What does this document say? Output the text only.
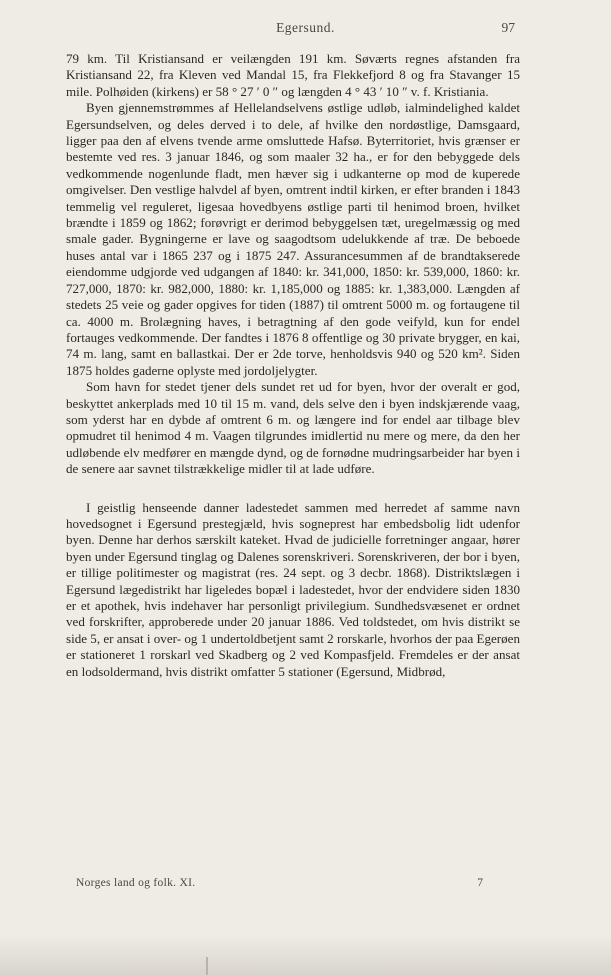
Egersund.	97

79 km. Til Kristiansand er veilængden 191 km. Søværts regnes afstanden fra Kristiansand 22, fra Kleven ved Mandal 15, fra Flekkefjord 8 og fra Stavanger 15 mile. Polhøiden (kirkens) er 58 ° 27 ′ 0 ″ og længden 4 ° 43 ′ 10 ″ v. f. Kristiania.

Byen gjennemstrømmes af Hellelandselvens østlige udløb, ialmindelighed kaldet Egersundselven, og deles derved i to dele, af hvilke den nordøstlige, Damsgaard, ligger paa den af elvens tvende arme omsluttede Hafsø. Byterritoriet, hvis grænser er bestemte ved res. 3 januar 1846, og som maaler 32 ha., er for den bebyggede dels vedkommende nogenlunde fladt, men hæver sig i udkanterne op mod de kuperede omgivelser. Den vestlige halvdel af byen, omtrent indtil kirken, er efter branden i 1843 temmelig vel reguleret, ligesaa hovedbyens østlige parti til henimod broen, hvilket brændte i 1859 og 1862; forøvrigt er derimod bebyggelsen tæt, uregelmæssig og med smale gader. Bygningerne er lave og saagodtsom udelukkende af træ. De beboede huses antal var i 1865 237 og i 1875 247. Assurancesummen af de brandtakserede eiendomme udgjorde ved udgangen af 1840: kr. 341,000, 1850: kr. 539,000, 1860: kr. 727,000, 1870: kr. 982,000, 1880: kr. 1,185,000 og 1885: kr. 1,383,000. Længden af stedets 25 veie og gader opgives for tiden (1887) til omtrent 5000 m. og fortaugene til ca. 4000 m. Brolægning haves, i betragtning af den gode veifyld, kun for endel fortauges vedkommende. Der fandtes i 1876 8 offentlige og 30 private brygger, en kai, 74 m. lang, samt en ballastkai. Der er 2de torve, henholdsvis 940 og 520 km². Siden 1875 holdes gaderne oplyste med jordoljelygter.

Som havn for stedet tjener dels sundet ret ud for byen, hvor der overalt er god, beskyttet ankerplads med 10 til 15 m. vand, dels selve den i byen indskjærende vaag, som yderst har en dybde af omtrent 6 m. og længere ind for endel aar tilbage blev opmudret til henimod 4 m. Vaagen tilgrundes imidlertid nu mere og mere, da den her udløbende elv medfører en mængde dynd, og de fornødne mudringsarbeider har byen i de senere aar savnet tilstrækkelige midler til at lade udføre.

I geistlig henseende danner ladestedet sammen med herredet af samme navn hovedsognet i Egersund prestegjæld, hvis sogneprest har embedsbolig lidt udenfor byen. Denne har derhos særskilt kateket. Hvad de judicielle forretninger angaar, hører byen under Egersund tinglag og Dalenes sorenskriveri. Sorenskriveren, der bor i byen, er tillige politimester og magistrat (res. 24 sept. og 3 decbr. 1868). Distriktslægen i Egersund lægedistrikt har ligeledes bopæl i ladestedet, hvor der endvidere siden 1830 er et apothek, hvis indehaver har personligt privilegium. Sundhedsvæsenet er ordnet ved forskrifter, approberede under 20 januar 1886. Ved toldstedet, om hvis distrikt se side 5, er ansat i over- og 1 undertoldbetjent samt 2 rorskarle, hvorhos der paa Egerøen er stationeret 1 rorskarl ved Skadberg og 2 ved Kompasfjeld. Fremdeles er der ansat en lodsoldermand, hvis distrikt omfatter 5 stationer (Egersund, Midbrød,

Norges land og folk. XI.	7
